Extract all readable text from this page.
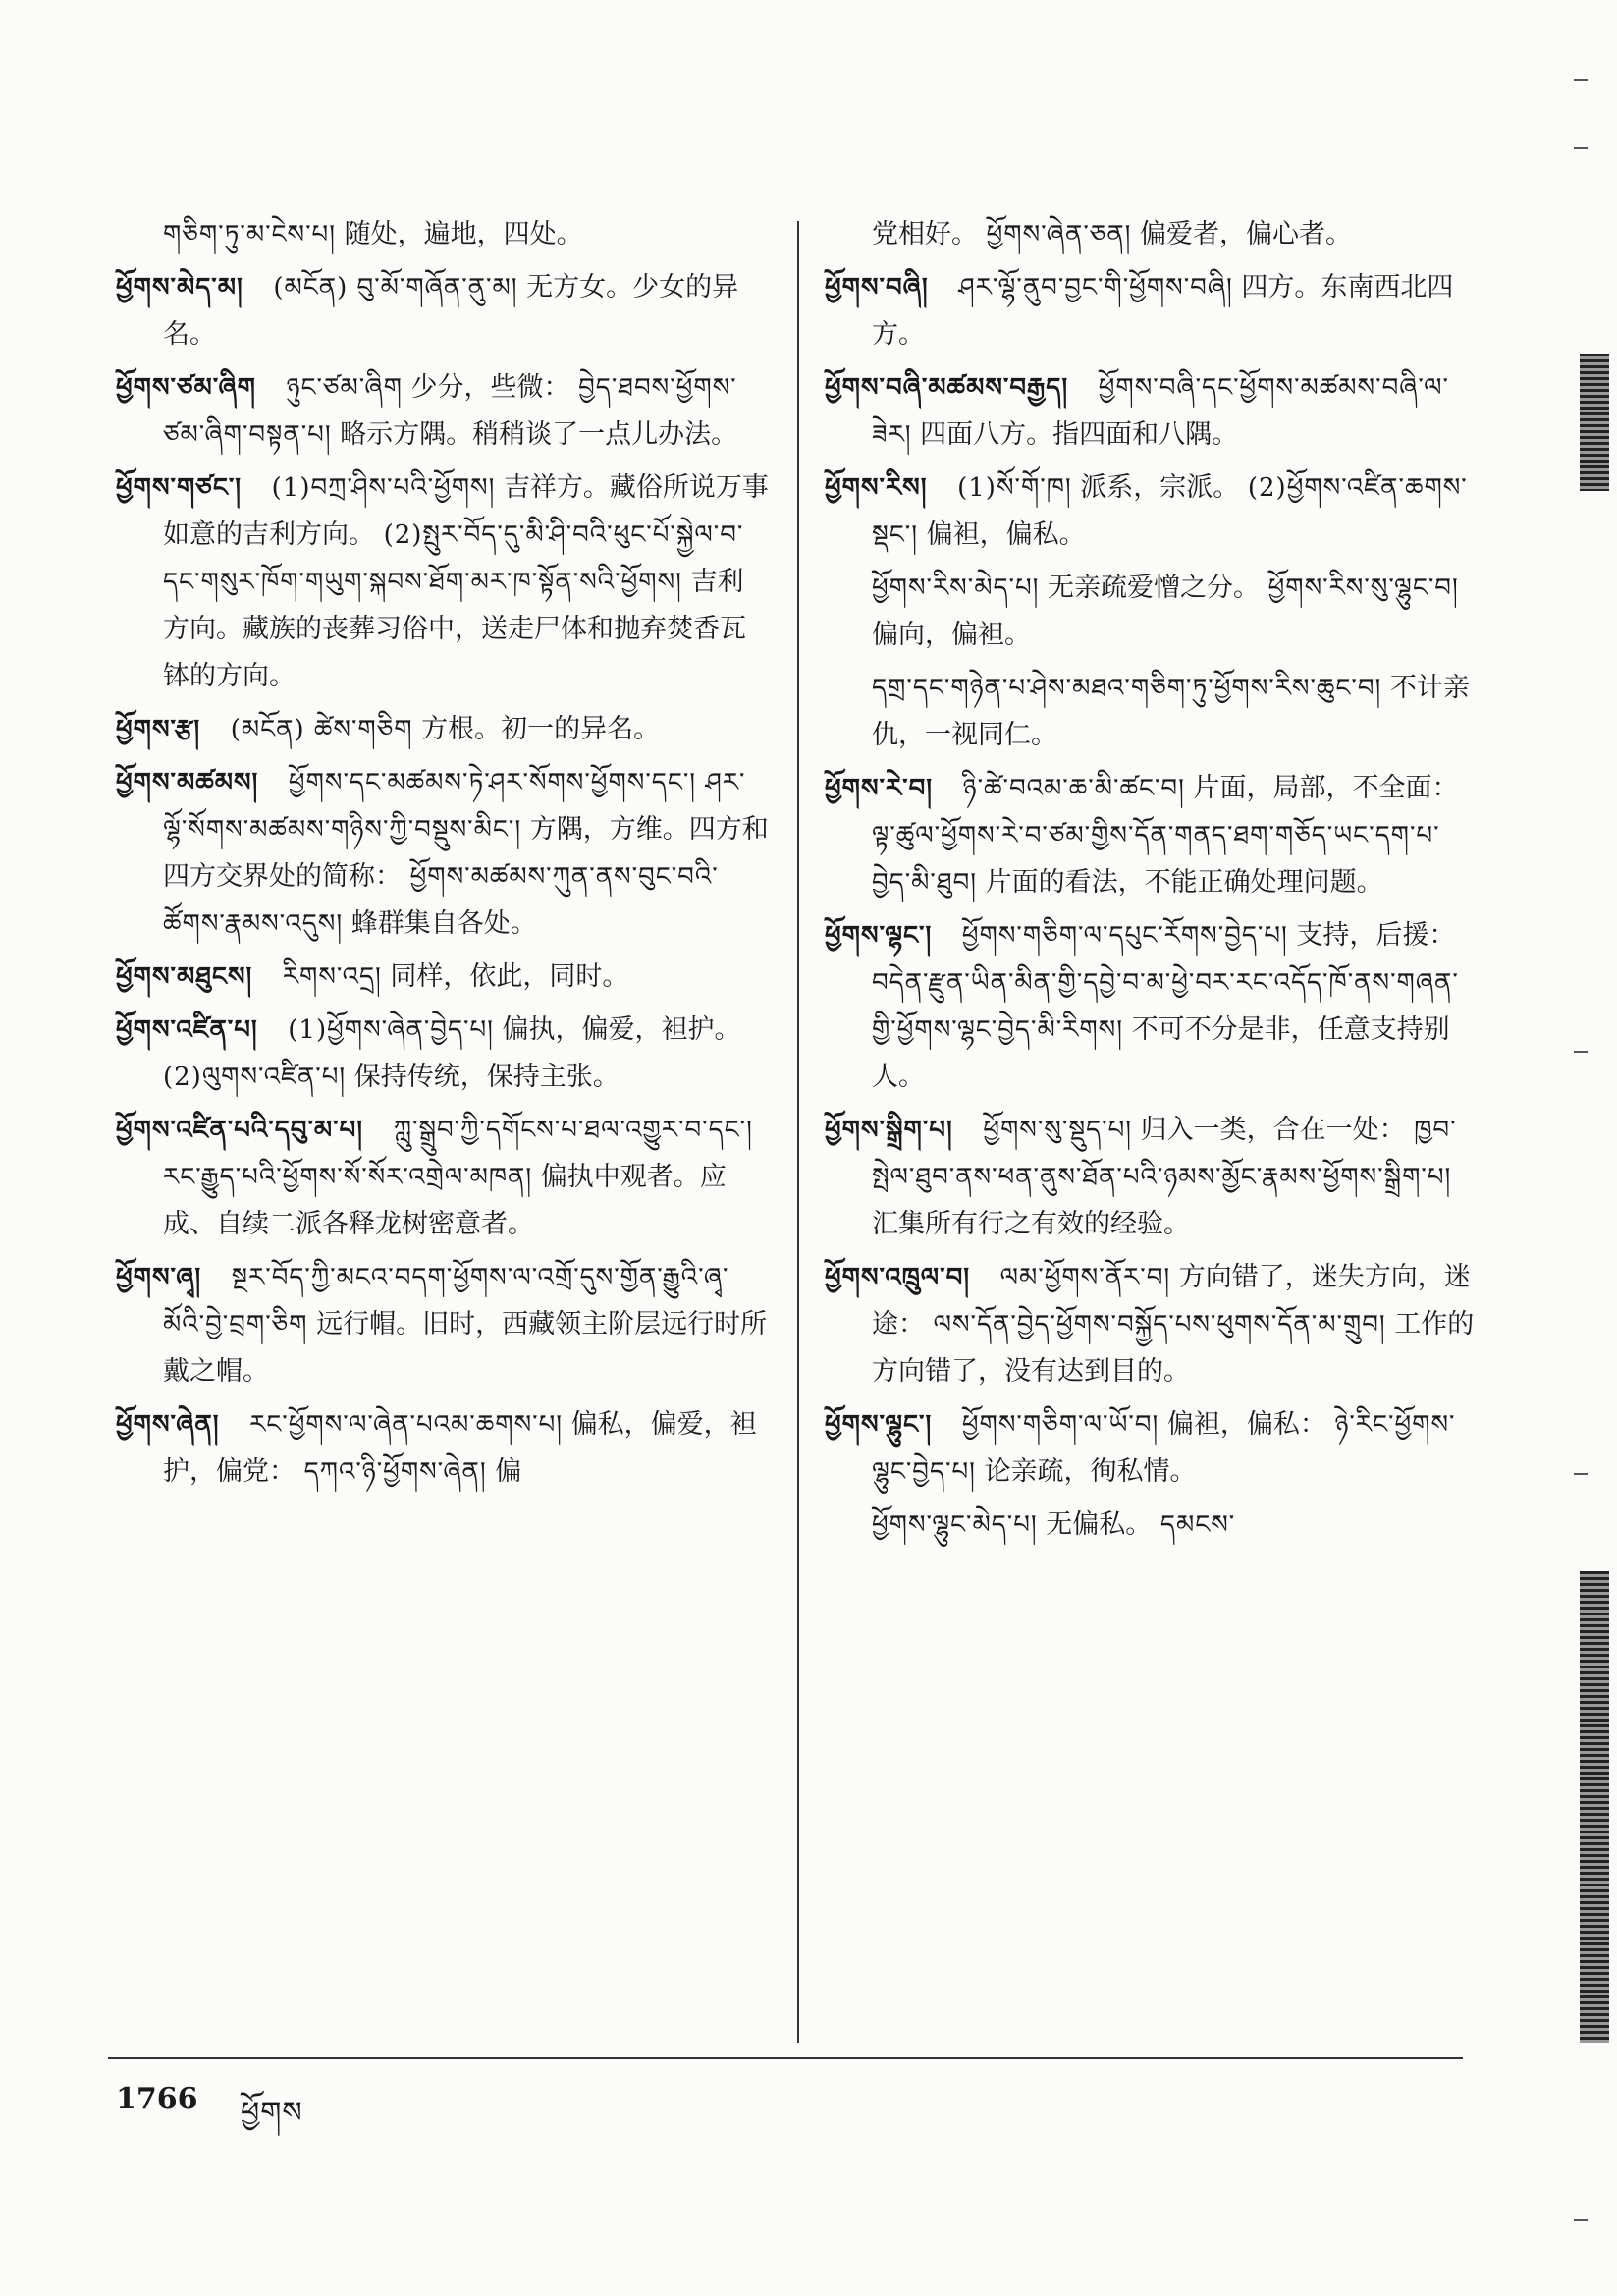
གཅིག་ཏུ་མ་ངེས་པ། 随处，遍地，四处。
ཕྱོགས་མེད་མ། (མངོན) བུ་མོ་གཞོན་ནུ་མ། 无方女。少女的异名。
ཕྱོགས་ཙམ་ཞིག ཉུང་ཙམ་ཞིག 少分，些微： བྱེད་ཐབས་ཕྱོགས་ཙམ་ཞིག་བསྟན་པ། 略示方隅。稍稍谈了一点儿办法。
ཕྱོགས་གཙང་། (1)བཀྲ་ཤིས་པའི་ཕྱོགས། 吉祥方。藏俗所说万事如意的吉利方向。 (2)སྤུར་བོད་དུ་མི་ཤི་བའི་ཕུང་པོ་སྐྱེལ་བ་དང་གསུར་ཁོག་གཡུག་སྐབས་ཐོག་མར་ཁ་སྟོན་སའི་ཕྱོགས། 吉利方向。藏族的丧葬习俗中，送走尸体和抛弃焚香瓦钵的方向。
ཕྱོགས་རྩ། (མངོན) ཚེས་གཅིག 方根。初一的异名。
ཕྱོགས་མཚམས། ཕྱོགས་དང་མཚམས་ཏེ་ཤར་སོགས་ཕྱོགས་དང་། ཤར་ལྷོ་སོགས་མཚམས་གཉིས་ཀྱི་བསྡུས་མིང་། 方隅，方维。四方和四方交界处的简称： ཕྱོགས་མཚམས་ཀུན་ནས་བུང་བའི་ཚོགས་རྣམས་འདུས། 蜂群集自各处。
ཕྱོགས་མཐུངས། རིགས་འདྲ། 同样，依此，同时。
ཕྱོགས་འཛིན་པ། (1)ཕྱོགས་ཞེན་བྱེད་པ། 偏执，偏爱，袒护。 (2)ལུགས་འཛིན་པ། 保持传统，保持主张。
ཕྱོགས་འཛིན་པའི་དབུ་མ་པ། ཀླུ་སྒྲུབ་ཀྱི་དགོངས་པ་ཐལ་འགྱུར་བ་དང་། རང་རྒྱུད་པའི་ཕྱོགས་སོ་སོར་འགྲེལ་མཁན། 偏执中观者。应成、自续二派各释龙树密意者。
ཕྱོགས་ཞྭ། སྔར་བོད་ཀྱི་མངའ་བདག་ཕྱོགས་ལ་འགྲོ་དུས་གྱོན་རྒྱུའི་ཞྭ་མོའི་བྱེ་བྲག་ཅིག 远行帽。旧时，西藏领主阶层远行时所戴之帽。
ཕྱོགས་ཞེན། རང་ཕྱོགས་ལ་ཞེན་པའམ་ཆགས་པ། 偏私，偏爱，袒护，偏党： དཀའ་ཉི་ཕྱོགས་ཞེན། 偏
党相好。 ཕྱོགས་ཞེན་ཅན། 偏爱者，偏心者。
ཕྱོགས་བཞི། ཤར་ལྷོ་ནུབ་བྱང་གི་ཕྱོགས་བཞི། 四方。东南西北四方。
ཕྱོགས་བཞི་མཚམས་བརྒྱད། ཕྱོགས་བཞི་དང་ཕྱོགས་མཚམས་བཞི་ལ་ཟེར། 四面八方。指四面和八隅。
ཕྱོགས་རིས། (1)སོ་གོ་ཁ། 派系，宗派。 (2)ཕྱོགས་འཛིན་ཆགས་སྡང་། 偏袒，偏私。
ཕྱོགས་རིས་མེད་པ། 无亲疏爱憎之分。 ཕྱོགས་རིས་སུ་ལྷུང་བ། 偏向，偏袒。
དགྲ་དང་གཉེན་པ་ཤེས་མཐའ་གཅིག་ཏུ་ཕྱོགས་རིས་ཆུང་བ། 不计亲仇，一视同仁。
ཕྱོགས་རེ་བ། ཉི་ཚེ་བའམ་ཆ་མི་ཚང་བ། 片面，局部，不全面： ལྟ་ཚུལ་ཕྱོགས་རེ་བ་ཙམ་གྱིས་དོན་གནད་ཐག་གཅོད་ཡང་དག་པ་བྱེད་མི་ཐུབ། 片面的看法，不能正确处理问题。
ཕྱོགས་ལྷང་། ཕྱོགས་གཅིག་ལ་དཔུང་རོགས་བྱེད་པ། 支持，后援： བདེན་རྫུན་ཡིན་མིན་གྱི་དབྱེ་བ་མ་ཕྱེ་བར་རང་འདོད་ཁོ་ནས་གཞན་གྱི་ཕྱོགས་ལྷང་བྱེད་མི་རིགས། 不可不分是非，任意支持别人。
ཕྱོགས་སྒྲིག་པ། ཕྱོགས་སུ་སྡུད་པ། 归入一类，合在一处： ཁྱབ་སྤེལ་ཐུབ་ནས་ཕན་ནུས་ཐོན་པའི་ཉམས་མྱོང་རྣམས་ཕྱོགས་སྒྲིག་པ། 汇集所有行之有效的经验。
ཕྱོགས་འཁྲུལ་བ། ལམ་ཕྱོགས་ནོར་བ། 方向错了，迷失方向，迷途： ལས་དོན་བྱེད་ཕྱོགས་བསྐྱོད་པས་ཕུགས་དོན་མ་གྲུབ། 工作的方向错了，没有达到目的。
ཕྱོགས་ལྷུང་། ཕྱོགས་གཅིག་ལ་ཡོ་བ། 偏袒，偏私： ཉེ་རིང་ཕྱོགས་ལྷུང་བྱེད་པ། 论亲疏，徇私情。
ཕྱོགས་ལྷུང་མེད་པ། 无偏私。 དམངས་
1766 ཕྱོགས
